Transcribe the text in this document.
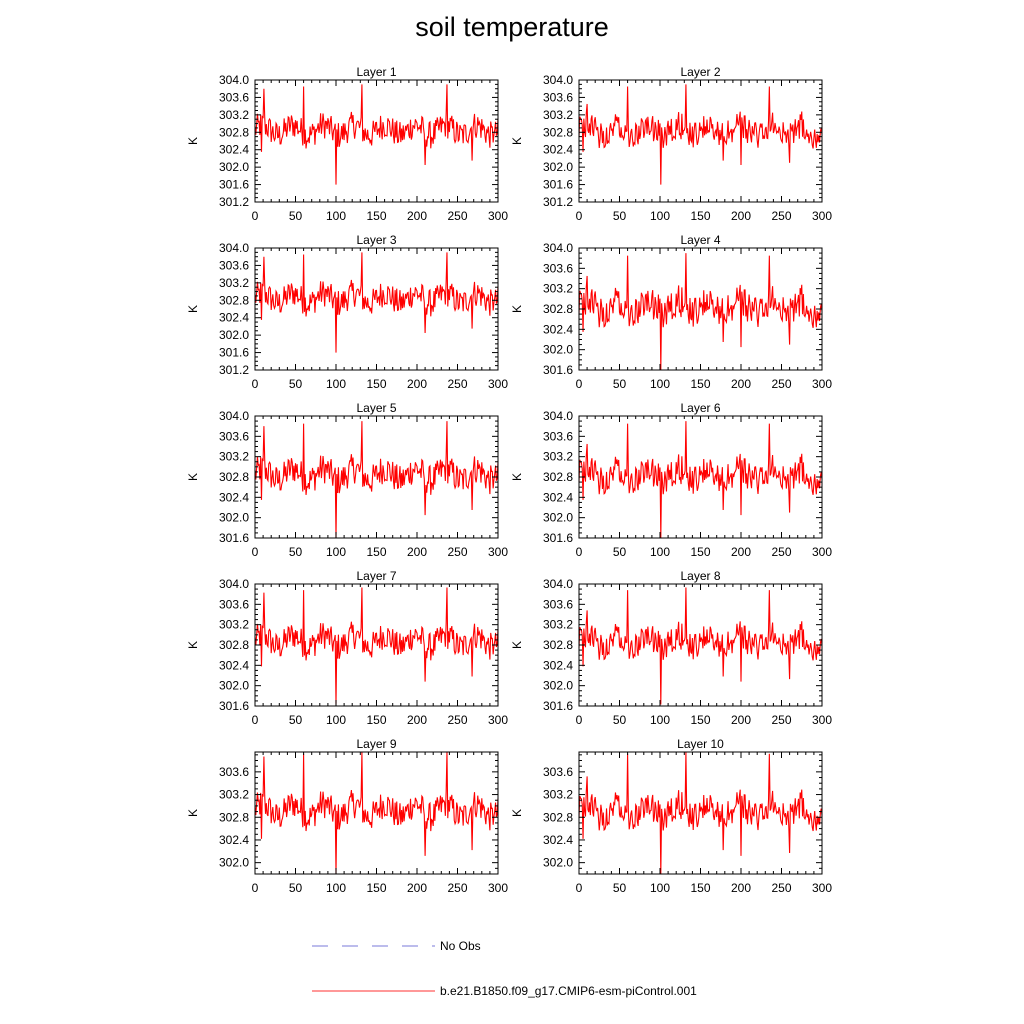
soil temperature
Layer 1
0	50 100 150 200 250 300
304.0
303.6
303.2
302.8
302.4
302.0
301.6
301.2
K
Layer 2
0	50 100 150 200 250 300
304.0
303.6
303.2
302.8
302.4
302.0
301.6
301.2
K
Layer 3
0	50 100 150 200 250 300
304.0
303.6
303.2
302.8
302.4
302.0
301.6
301.2
K
Layer 4
0	50 100 150 200 250 300
304.0
303.6
303.2
302.8
302.4
302.0
301.6
K
Layer 5
0	50 100 150 200 250 300
304.0
303.6
303.2
302.8
302.4
302.0
301.6
K
Layer 6
0	50 100 150 200 250 300
304.0
303.6
303.2
302.8
302.4
302.0
301.6
K
Layer 7
0	50 100 150 200 250 300
304.0
303.6
303.2
302.8
302.4
302.0
301.6
K
Layer 8
0	50 100 150 200 250 300
304.0
303.6
303.2
302.8
302.4
302.0
301.6
K
Layer 9
0	50 100 150 200 250 300
303.6
303.2
302.8
302.4
302.0
K
Layer 10
0	50 100 150 200 250 300
303.6
303.2
302.8
302.4
302.0
K
No Obs
b.e21.B1850.f09_g17.CMIP6-esm-piControl.001
